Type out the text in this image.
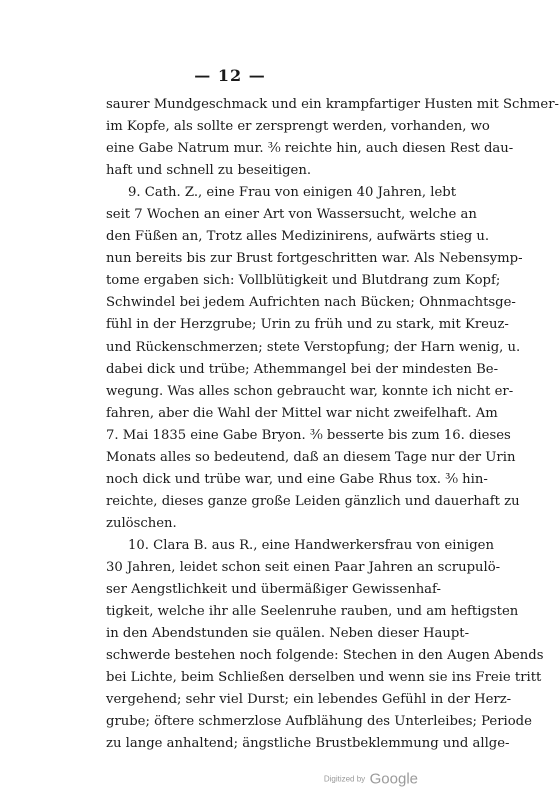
— 12 —
saurer Mundgeschmack und ein krampfartiger Husten mit Schmer-
im Kopfe, als sollte er zersprengt werden, vorhanden, wo
eine Gabe Natrum mur. ³⁄₀ reichte hin, auch diesen Rest dau-
haft und schnell zu beseitigen.
9. Cath. Z., eine Frau von einigen 40 Jahren, lebt
seit 7 Wochen an einer Art von Wassersucht, welche an
den Füßen an, Trotz alles Medizinirens, aufwärts stieg u.
nun bereits bis zur Brust fortgeschritten war. Als Nebensymp-
tome ergaben sich: Vollblütigkeit und Blutdrang zum Kopf;
Schwindel bei jedem Aufrichten nach Bücken; Ohnmachtsge-
fühl in der Herzgrube; Urin zu früh und zu stark, mit Kreuz-
und Rückenschmerzen; stete Verstopfung; der Harn wenig, u.
dabei dick und trübe; Athemmangel bei der mindesten Be-
wegung. Was alles schon gebraucht war, konnte ich nicht er-
fahren, aber die Wahl der Mittel war nicht zweifelhaft. Am
7. Mai 1835 eine Gabe Bryon. ³⁄₀ besserte bis zum 16. dieses
Monats alles so bedeutend, daß an diesem Tage nur der Urin
noch dick und trübe war, und eine Gabe Rhus tox. ³⁄₀ hin-
reichte, dieses ganze große Leiden gänzlich und dauerhaft zu
zulöschen.
10. Clara B. aus R., eine Handwerkersfrau von einigen
30 Jahren, leidet schon seit einen Paar Jahren an scrupulö-
ser Aengstlichkeit und übermäßiger Gewissenhaf-
tigkeit, welche ihr alle Seelenruhe rauben, und am heftigsten
in den Abendstunden sie quälen. Neben dieser Haupt-
schwerde bestehen noch folgende: Stechen in den Augen Abends
bei Lichte, beim Schließen derselben und wenn sie ins Freie tritt
vergehend; sehr viel Durst; ein lebendes Gefühl in der Herz-
grube; öftere schmerzlose Aufblähung des Unterleibes; Periode
zu lange anhaltend; ängstliche Brustbeklemmung und allge-
Digitized by Google
